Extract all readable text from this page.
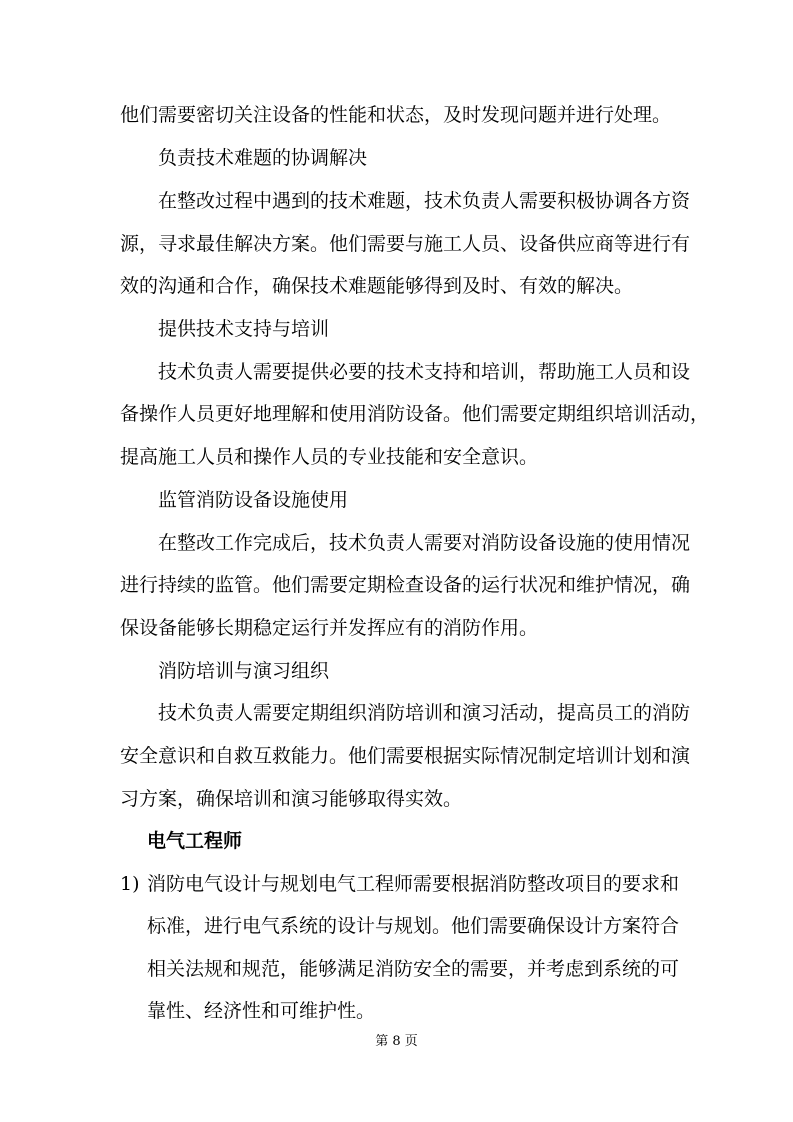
他们需要密切关注设备的性能和状态，及时发现问题并进行处理。

负责技术难题的协调解决

在整改过程中遇到的技术难题，技术负责人需要积极协调各方资

源，寻求最佳解决方案。他们需要与施工人员、设备供应商等进行有

效的沟通和合作，确保技术难题能够得到及时、有效的解决。

提供技术支持与培训

技术负责人需要提供必要的技术支持和培训，帮助施工人员和设

备操作人员更好地理解和使用消防设备。他们需要定期组织培训活动，

提高施工人员和操作人员的专业技能和安全意识。

监管消防设备设施使用

在整改工作完成后，技术负责人需要对消防设备设施的使用情况

进行持续的监管。他们需要定期检查设备的运行状况和维护情况，确

保设备能够长期稳定运行并发挥应有的消防作用。

消防培训与演习组织

技术负责人需要定期组织消防培训和演习活动，提高员工的消防

安全意识和自救互救能力。他们需要根据实际情况制定培训计划和演

习方案，确保培训和演习能够取得实效。

电气工程师

1) 消防电气设计与规划电气工程师需要根据消防整改项目的要求和

标准，进行电气系统的设计与规划。他们需要确保设计方案符合

相关法规和规范，能够满足消防安全的需要，并考虑到系统的可

靠性、经济性和可维护性。

第 8 页
